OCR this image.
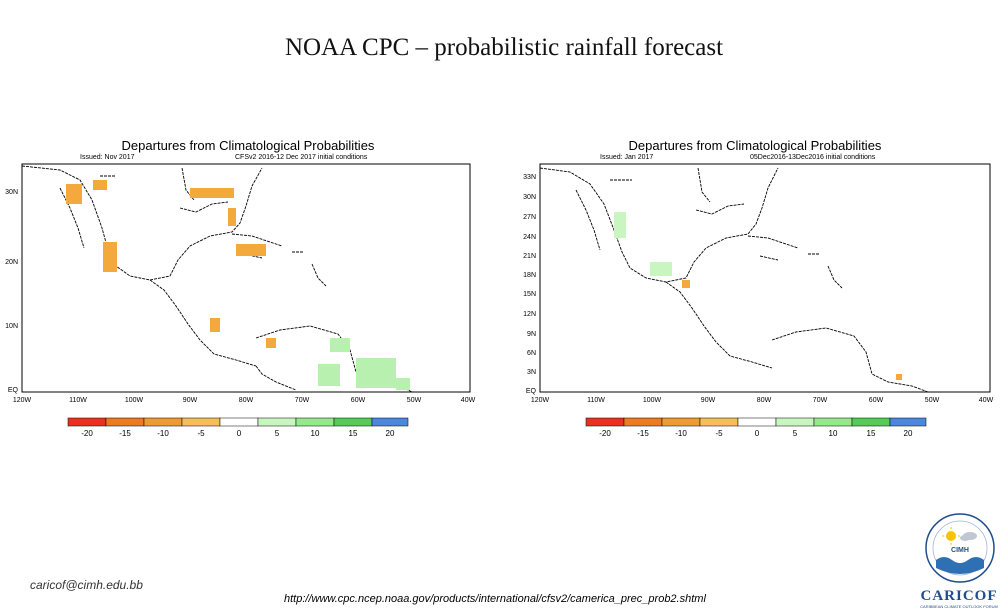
NOAA CPC – probabilistic rainfall forecast
Departures from Climatological Probabilities
Issued: Nov 2017	CFSv2 2016-12 Dec 2017 initial conditions
30N
20N
10N
EQ
120W	110W	100W	90W	80W	70W	60W	50W	40W
-20	-15	-10	-5	0	5	10	15	20
Departures from Climatological Probabilities
Issued: Jan 2017	05Dec2016-13Dec2016 initial conditions
33N
30N
27N
24N
21N
18N
15N
12N
9N
6N
3N
EQ
120W	110W	100W	90W	80W	70W	60W	50W	40W
-20	-15	-10	-5	0	5	10	15	20
caricof@cimh.edu.bb
http://www.cpc.ncep.noaa.gov/products/international/cfsv2/camerica_prec_prob2.shtml
CIMH
CARICOF
CARIBBEAN CLIMATE OUTLOOK FORUM
